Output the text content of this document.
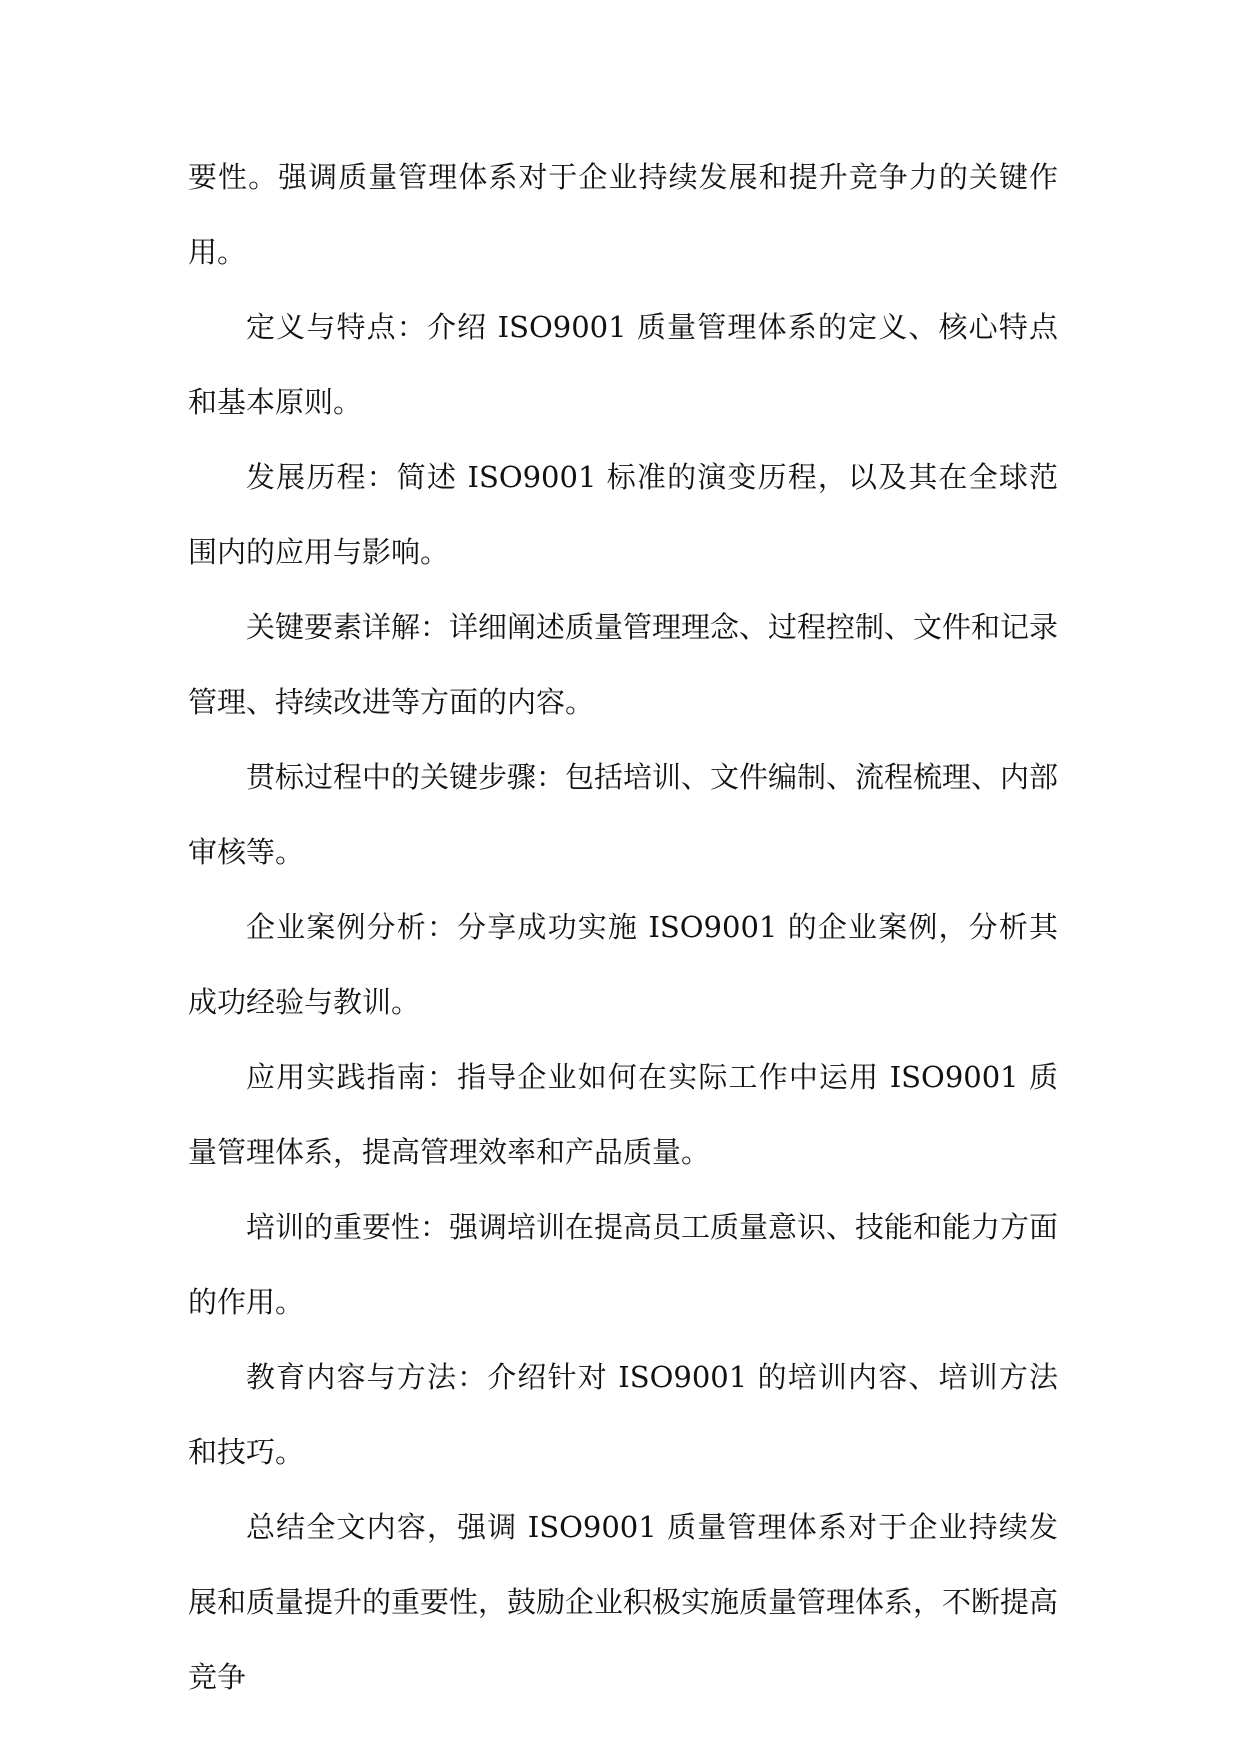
要性。强调质量管理体系对于企业持续发展和提升竞争力的关键作用。

定义与特点：介绍 ISO9001 质量管理体系的定义、核心特点和基本原则。

发展历程：简述 ISO9001 标准的演变历程，以及其在全球范围内的应用与影响。

关键要素详解：详细阐述质量管理理念、过程控制、文件和记录管理、持续改进等方面的内容。

贯标过程中的关键步骤：包括培训、文件编制、流程梳理、内部审核等。

企业案例分析：分享成功实施 ISO9001 的企业案例，分析其成功经验与教训。

应用实践指南：指导企业如何在实际工作中运用 ISO9001 质量管理体系，提高管理效率和产品质量。

培训的重要性：强调培训在提高员工质量意识、技能和能力方面的作用。

教育内容与方法：介绍针对 ISO9001 的培训内容、培训方法和技巧。

总结全文内容，强调 ISO9001 质量管理体系对于企业持续发展和质量提升的重要性，鼓励企业积极实施质量管理体系，不断提高竞争
